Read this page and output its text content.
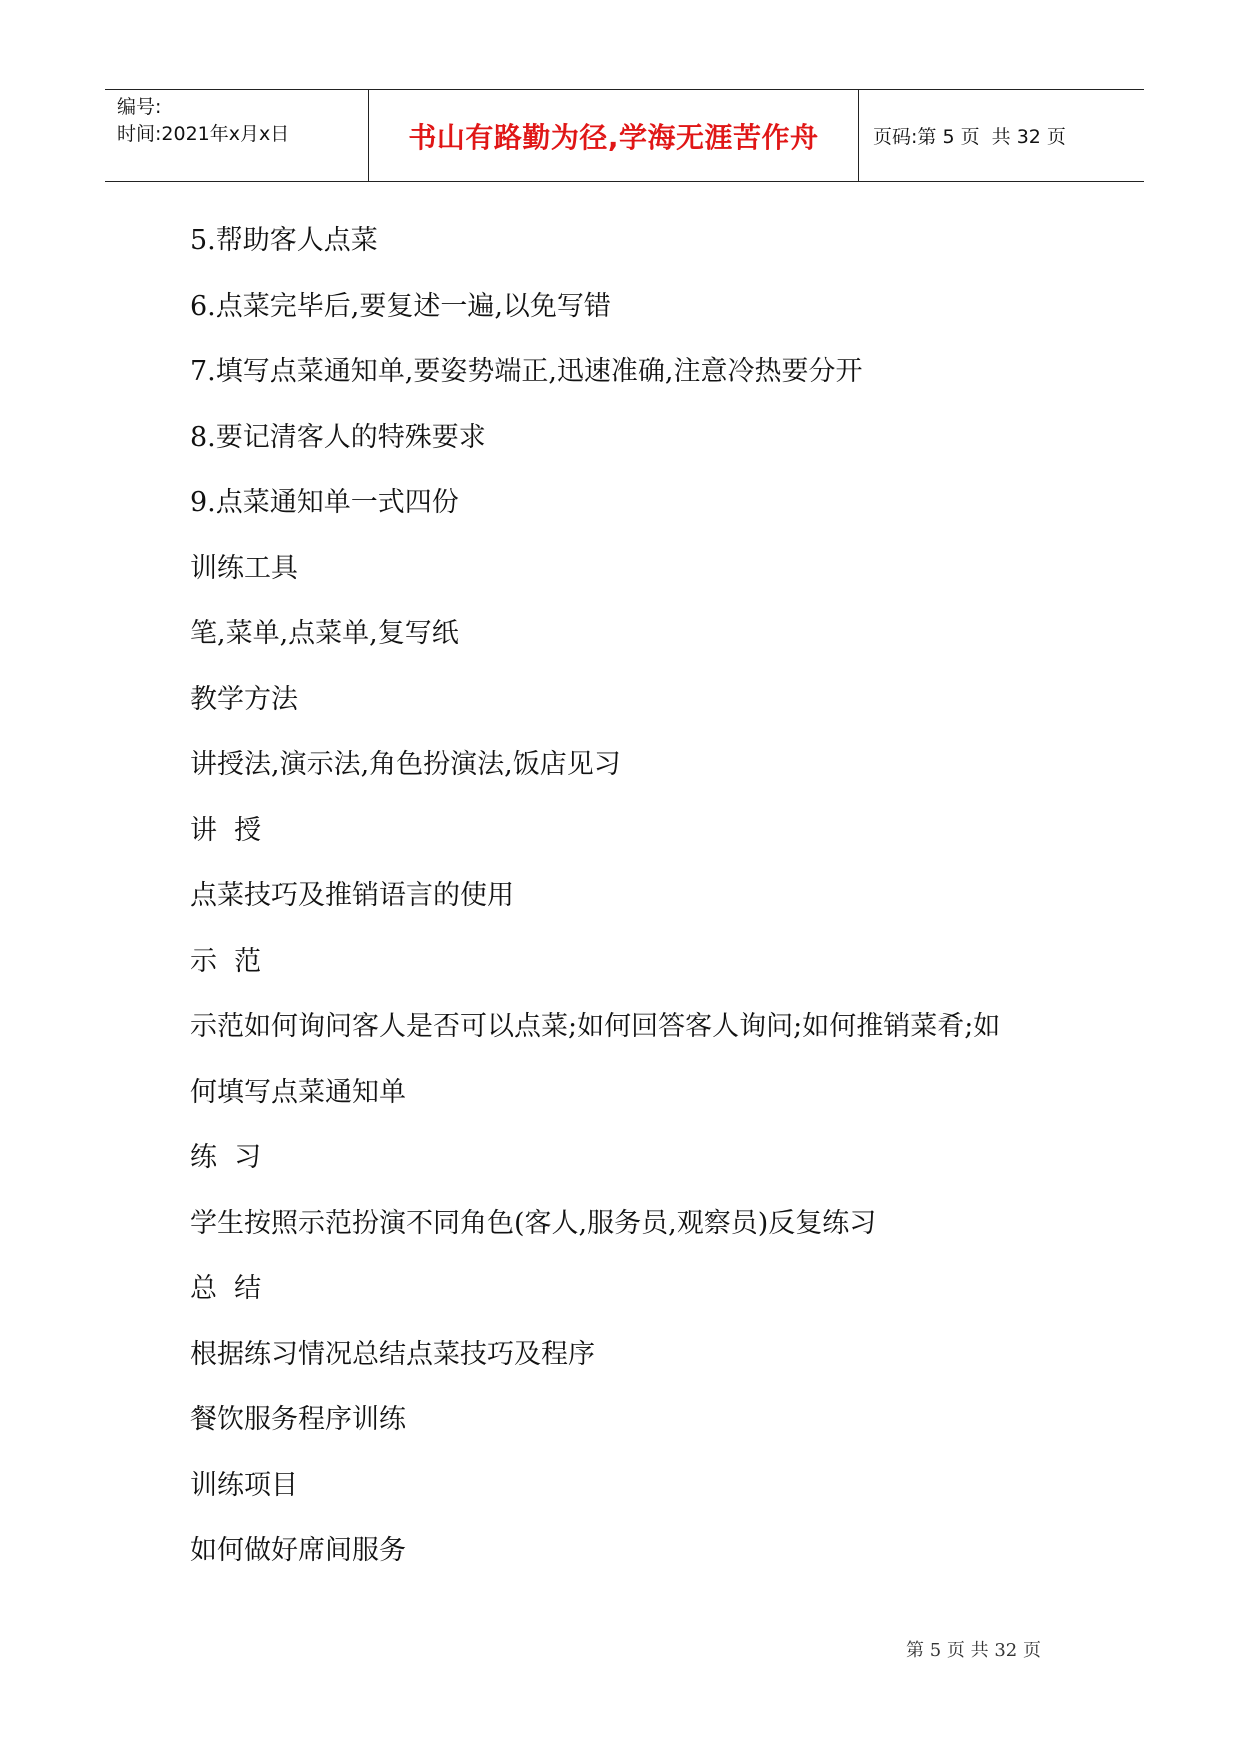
编号:
时间:2021年x月x日	书山有路勤为径,学海无涯苦作舟	页码:第 5 页  共 32 页
5.帮助客人点菜
6.点菜完毕后,要复述一遍,以免写错
7.填写点菜通知单,要姿势端正,迅速准确,注意冷热要分开
8.要记清客人的特殊要求
9.点菜通知单一式四份
训练工具
笔,菜单,点菜单,复写纸
教学方法
讲授法,演示法,角色扮演法,饭店见习
讲  授
点菜技巧及推销语言的使用
示  范
示范如何询问客人是否可以点菜;如何回答客人询问;如何推销菜肴;如
何填写点菜通知单
练  习
学生按照示范扮演不同角色(客人,服务员,观察员)反复练习
总  结
根据练习情况总结点菜技巧及程序
餐饮服务程序训练
训练项目
如何做好席间服务
第 5 页 共 32 页
